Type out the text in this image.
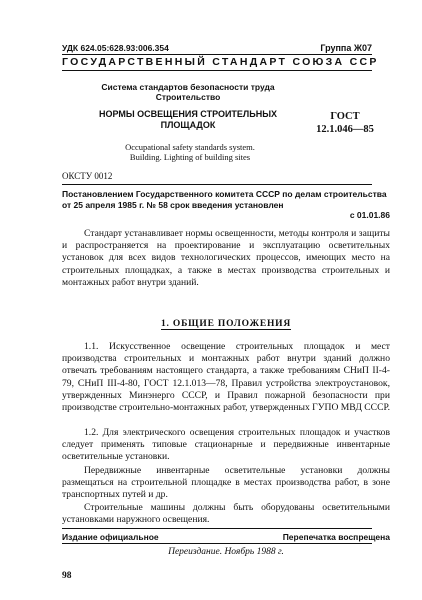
УДК 624.05:628.93:006.354	Группа Ж07
ГОСУДАРСТВЕННЫЙ СТАНДАРТ СОЮЗА ССР
Система стандартов безопасности труда
Строительство
НОРМЫ ОСВЕЩЕНИЯ СТРОИТЕЛЬНЫХ
ПЛОЩАДОК
ГОСТ
12.1.046—85
Occupational safety standards system.
Building. Lighting of building sites
ОКСТУ 0012
Постановлением Государственного комитета СССР по делам строительства от 25 апреля 1985 г. № 58 срок введения установлен
с 01.01.86
Стандарт устанавливает нормы освещенности, методы контроля и защиты и распространяется на проектирование и эксплуатацию осветительных установок для всех видов технологических процессов, имеющих место на строительных площадках, а также в местах производства строительных и монтажных работ внутри зданий.
1. ОБЩИЕ ПОЛОЖЕНИЯ
1.1. Искусственное освещение строительных площадок и мест производства строительных и монтажных работ внутри зданий должно отвечать требованиям настоящего стандарта, а также требованиям СНиП II-4-79, СНиП III-4-80, ГОСТ 12.1.013—78, Правил устройства электроустановок, утвержденных Минэнерго СССР, и Правил пожарной безопасности при производстве строительно-монтажных работ, утвержденных ГУПО МВД СССР.
1.2. Для электрического освещения строительных площадок и участков следует применять типовые стационарные и передвижные инвентарные осветительные установки.
Передвижные инвентарные осветительные установки должны размещаться на строительной площадке в местах производства работ, в зоне транспортных путей и др.
Строительные машины должны быть оборудованы осветительными установками наружного освещения.
Издание официальное	Перепечатка воспрещена
Переиздание. Ноябрь 1988 г.
98
